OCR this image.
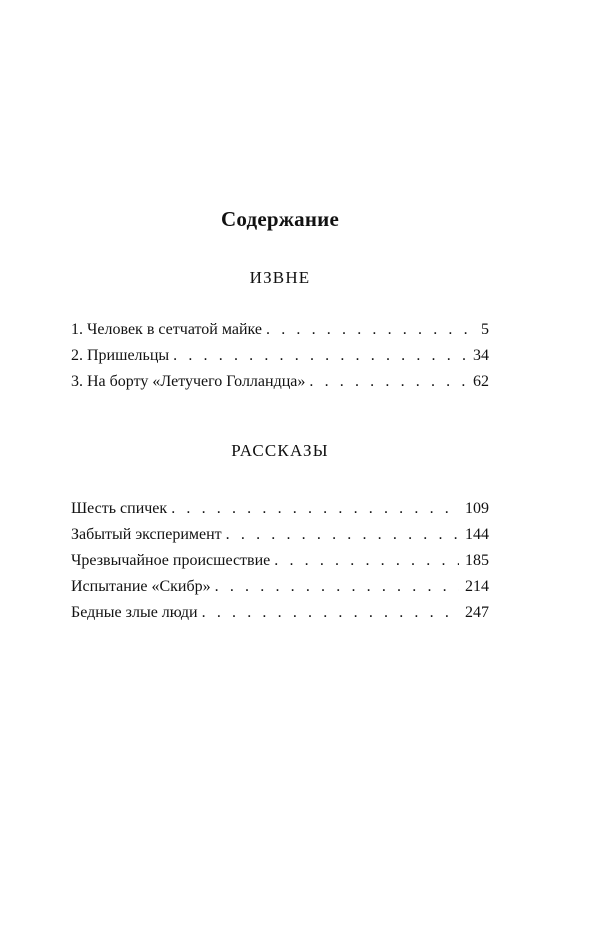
Содержание
ИЗВНЕ
1. Человек в сетчатой майке . . .	5
2. Пришельцы . . .	34
3. На борту «Летучего Голландца» . . .	62
РАССКАЗЫ
Шесть спичек . . .	109
Забытый эксперимент . . .	144
Чрезвычайное происшествие . . .	185
Испытание «Скибр» . . .	214
Бедные злые люди . . .	247
